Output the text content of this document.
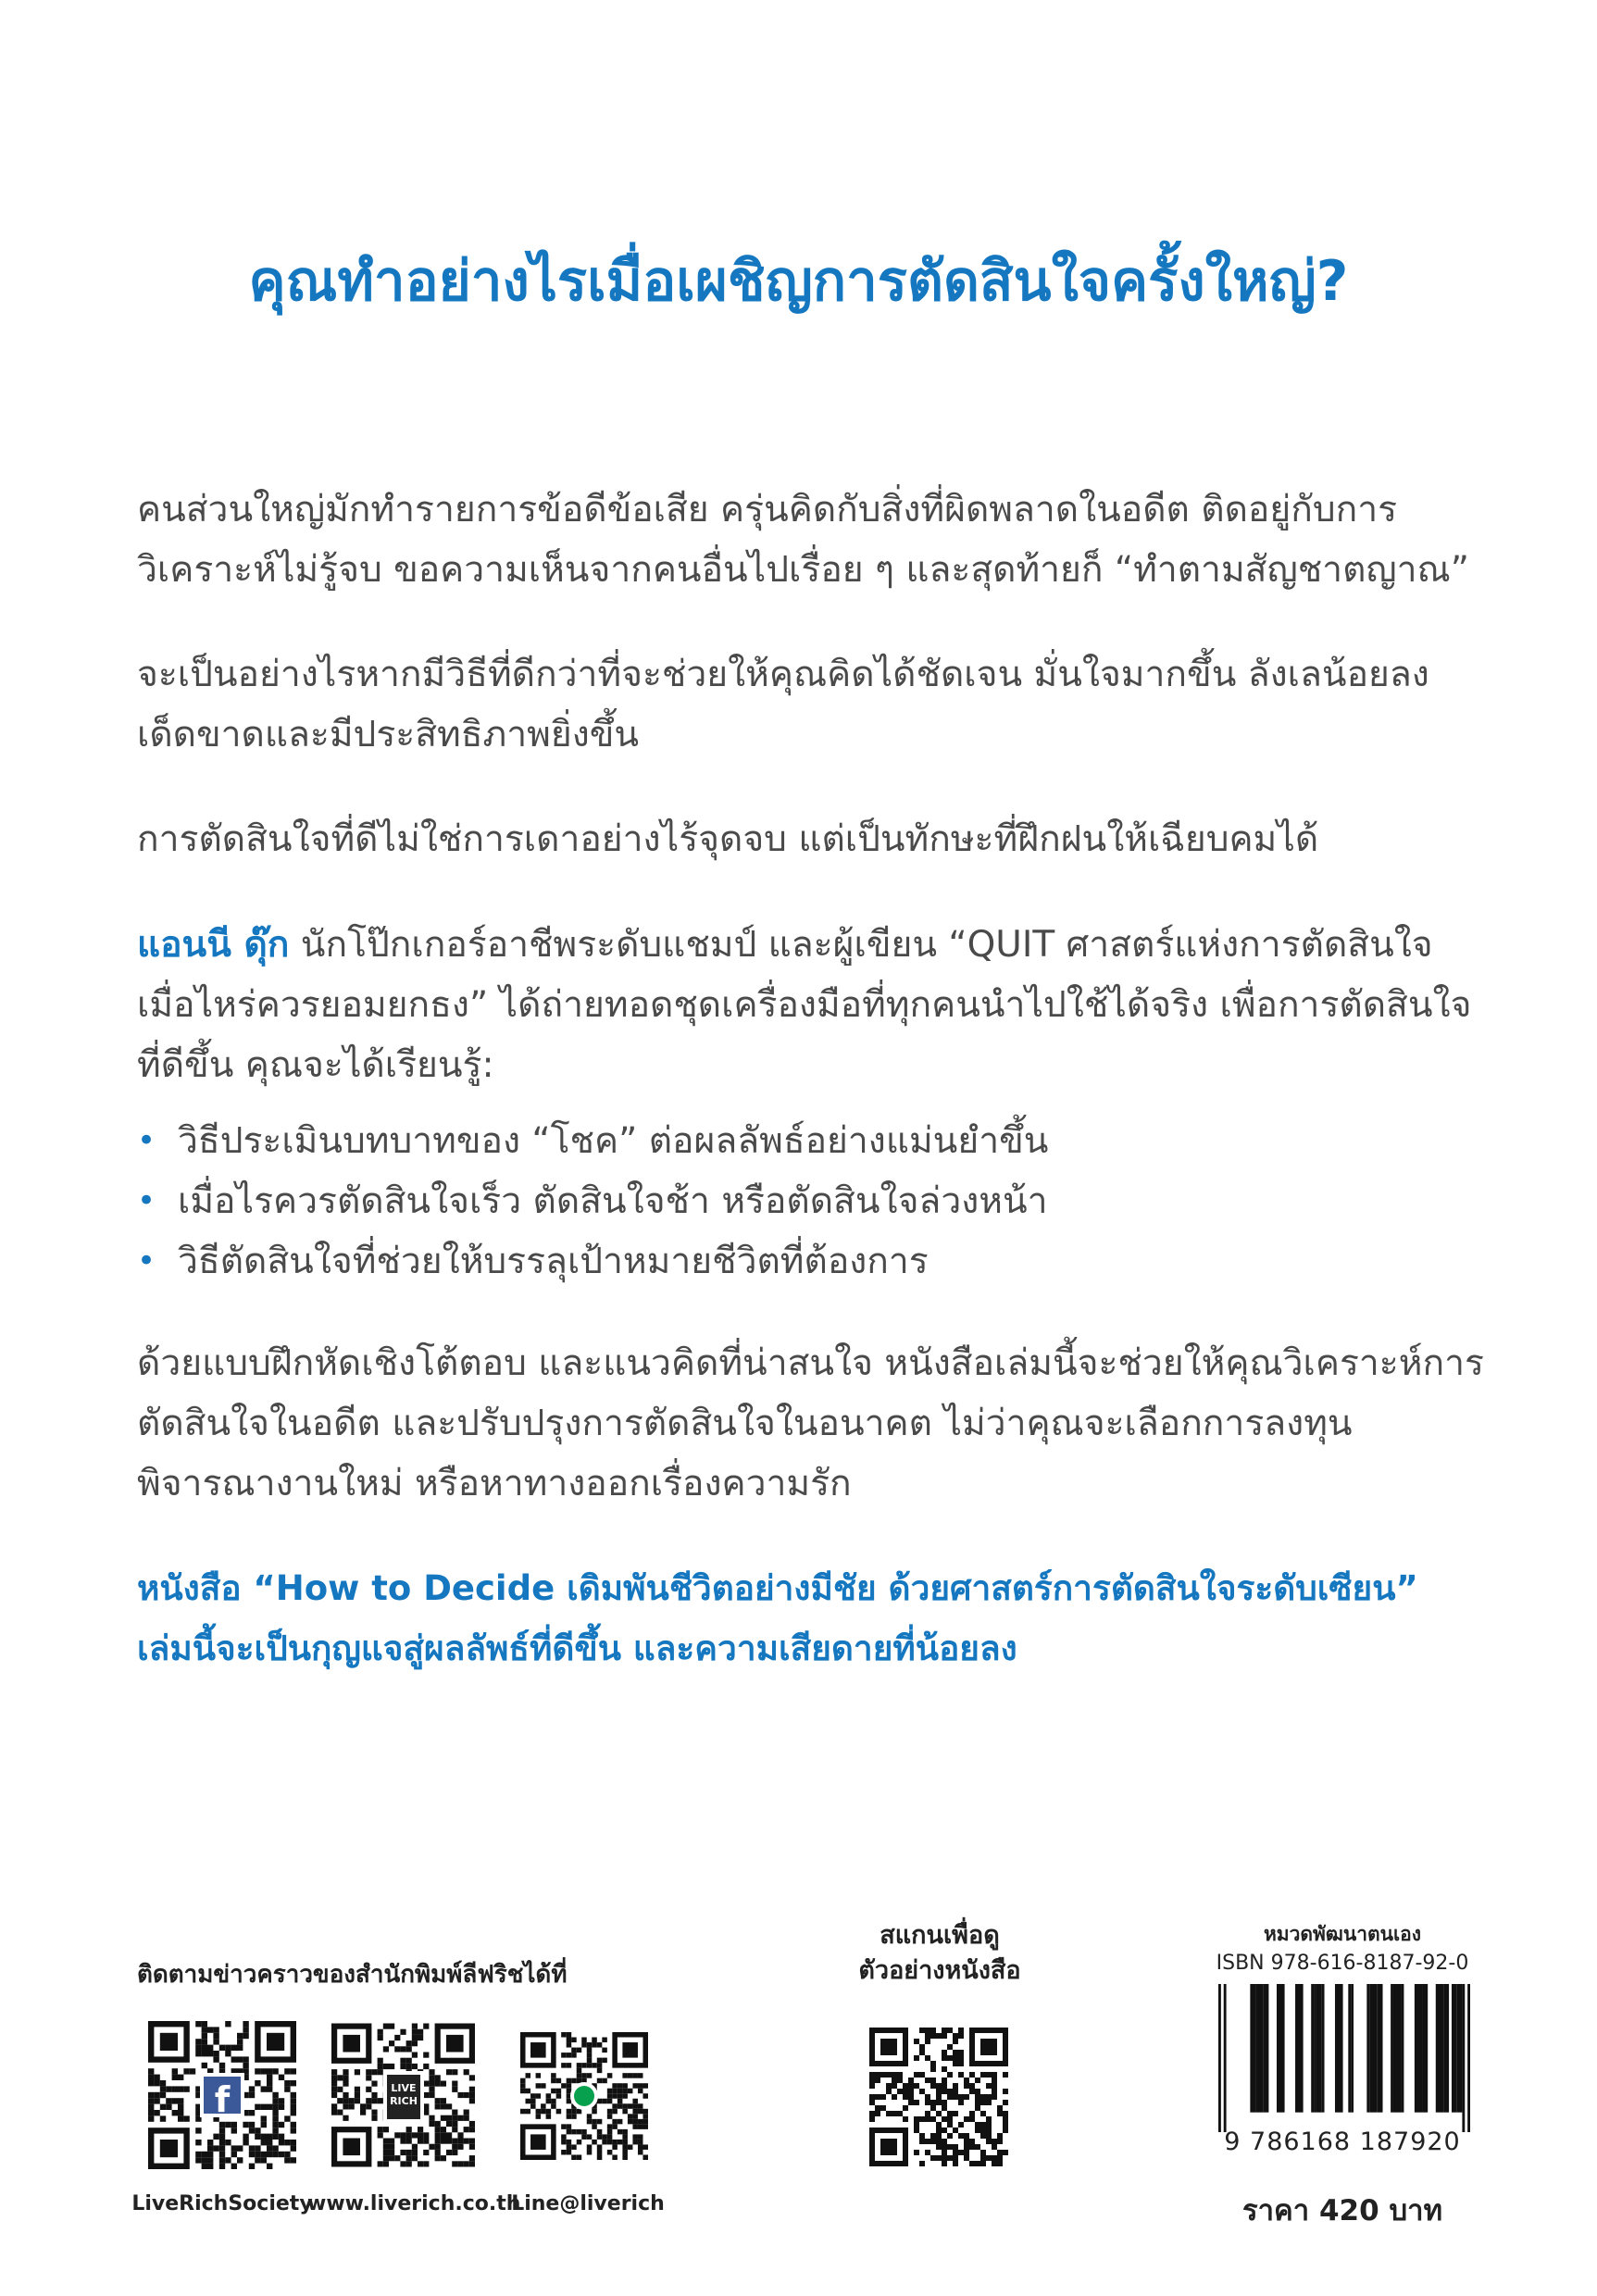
คุณทำอย่างไรเมื่อเผชิญการตัดสินใจครั้งใหญ่?

คนส่วนใหญ่มักทำรายการข้อดีข้อเสีย ครุ่นคิดกับสิ่งที่ผิดพลาดในอดีต ติดอยู่กับการวิเคราะห์ไม่รู้จบ ขอความเห็นจากคนอื่นไปเรื่อย ๆ และสุดท้ายก็ “ทำตามสัญชาตญาณ”

จะเป็นอย่างไรหากมีวิธีที่ดีกว่าที่จะช่วยให้คุณคิดได้ชัดเจน มั่นใจมากขึ้น ลังเลน้อยลง เด็ดขาดและมีประสิทธิภาพยิ่งขึ้น

การตัดสินใจที่ดีไม่ใช่การเดาอย่างไร้จุดจบ แต่เป็นทักษะที่ฝึกฝนให้เฉียบคมได้

แอนนี ดุ๊ก นักโป๊กเกอร์อาชีพระดับแชมป์ และผู้เขียน “QUIT ศาสตร์แห่งการตัดสินใจเมื่อไหร่ควรยอมยกธง” ได้ถ่ายทอดชุดเครื่องมือที่ทุกคนนำไปใช้ได้จริง เพื่อการตัดสินใจที่ดีขึ้น คุณจะได้เรียนรู้:

• วิธีประเมินบทบาทของ “โชค” ต่อผลลัพธ์อย่างแม่นยำขึ้น
• เมื่อไรควรตัดสินใจเร็ว ตัดสินใจช้า หรือตัดสินใจล่วงหน้า
• วิธีตัดสินใจที่ช่วยให้บรรลุเป้าหมายชีวิตที่ต้องการ

ด้วยแบบฝึกหัดเชิงโต้ตอบ และแนวคิดที่น่าสนใจ หนังสือเล่มนี้จะช่วยให้คุณวิเคราะห์การตัดสินใจในอดีต และปรับปรุงการตัดสินใจในอนาคต ไม่ว่าคุณจะเลือกการลงทุน พิจารณางานใหม่ หรือหาทางออกเรื่องความรัก

หนังสือ “How to Decide เดิมพันชีวิตอย่างมีชัย ด้วยศาสตร์การตัดสินใจระดับเซียน”
เล่มนี้จะเป็นกุญแจสู่ผลลัพธ์ที่ดีขึ้น และความเสียดายที่น้อยลง

ติดตามข่าวคราวของสำนักพิมพ์ลีฟริชได้ที่

f

LiveRichSociety

LIVE RICH

www.liverich.co.th

Line@liverich

สแกนเพื่อดู
ตัวอย่างหนังสือ

หมวดพัฒนาตนเอง

ISBN 978-616-8187-92-0

9 786168 187920

ราคา 420 บาท
